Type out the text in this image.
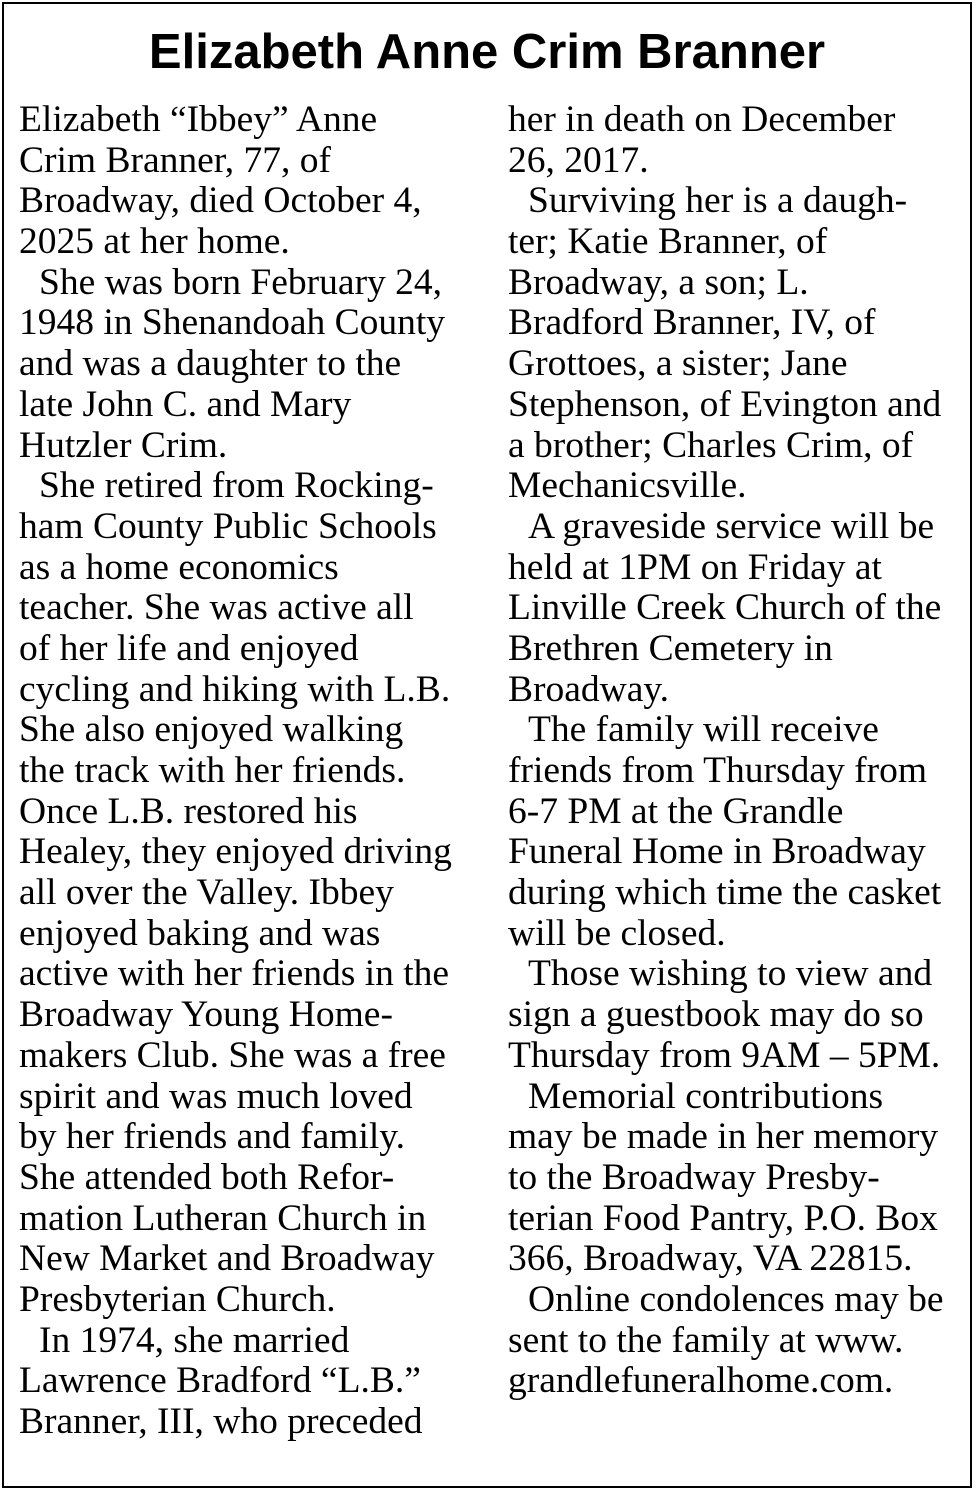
Elizabeth Anne Crim Branner
Elizabeth “Ibbey” Anne
Crim Branner, 77, of
Broadway, died October 4,
2025 at her home.
She was born February 24,
1948 in Shenandoah County
and was a daughter to the
late John C. and Mary
Hutzler Crim.
She retired from Rocking-
ham County Public Schools
as a home economics
teacher. She was active all
of her life and enjoyed
cycling and hiking with L.B.
She also enjoyed walking
the track with her friends.
Once L.B. restored his
Healey, they enjoyed driving
all over the Valley. Ibbey
enjoyed baking and was
active with her friends in the
Broadway Young Home-
makers Club. She was a free
spirit and was much loved
by her friends and family.
She attended both Refor-
mation Lutheran Church in
New Market and Broadway
Presbyterian Church.
In 1974, she married
Lawrence Bradford “L.B.”
Branner, III, who preceded
her in death on December
26, 2017.
Surviving her is a daugh-
ter; Katie Branner, of
Broadway, a son; L.
Bradford Branner, IV, of
Grottoes, a sister; Jane
Stephenson, of Evington and
a brother; Charles Crim, of
Mechanicsville.
A graveside service will be
held at 1PM on Friday at
Linville Creek Church of the
Brethren Cemetery in
Broadway.
The family will receive
friends from Thursday from
6-7 PM at the Grandle
Funeral Home in Broadway
during which time the casket
will be closed.
Those wishing to view and
sign a guestbook may do so
Thursday from 9AM – 5PM.
Memorial contributions
may be made in her memory
to the Broadway Presby-
terian Food Pantry, P.O. Box
366, Broadway, VA 22815.
Online condolences may be
sent to the family at www.
grandlefuneralhome.com.
